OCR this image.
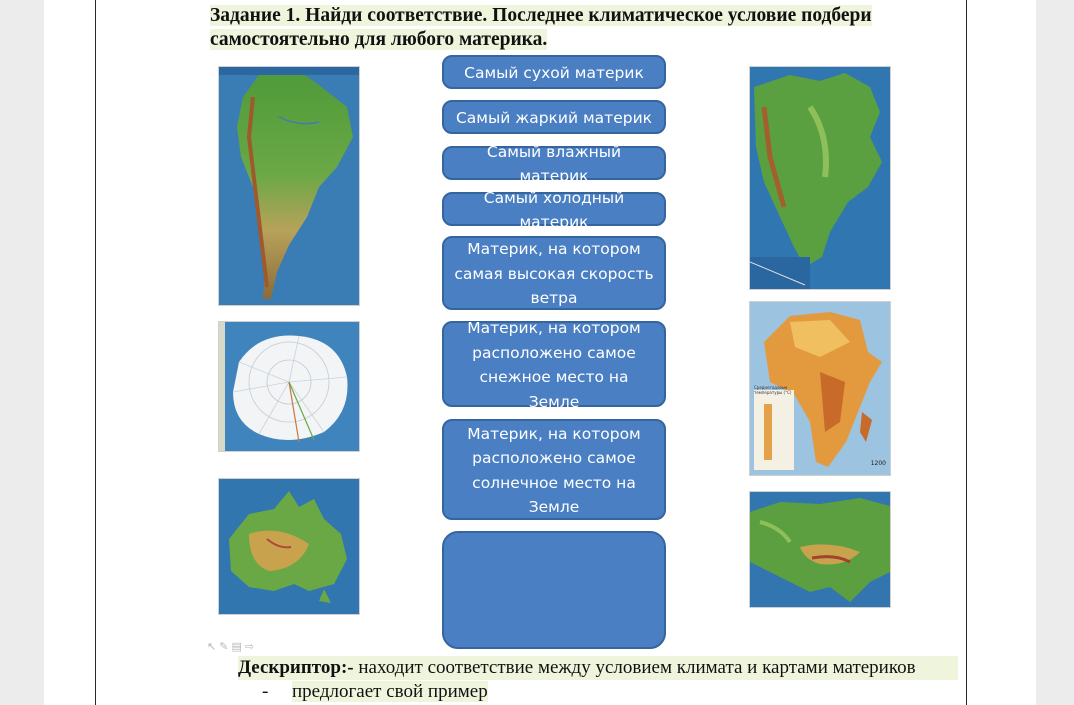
Задание 1. Найди соответствие. Последнее климатическое условие подбери
самостоятельно для любого материка.
Среднегодовые температуры (°С)
1200
Самый сухой материк
Самый жаркий материк
Самый влажный материк
Самый холодный материк
Материк, на котором
самая высокая скорость
ветра
Материк, на котором
расположено самое
снежное место на Земле
Материк, на котором
расположено самое
солнечное место на
Земле
↖✎▤⇨
Дескриптор:- находит соответствие между условием климата и картами материков
- предлогает свой пример
